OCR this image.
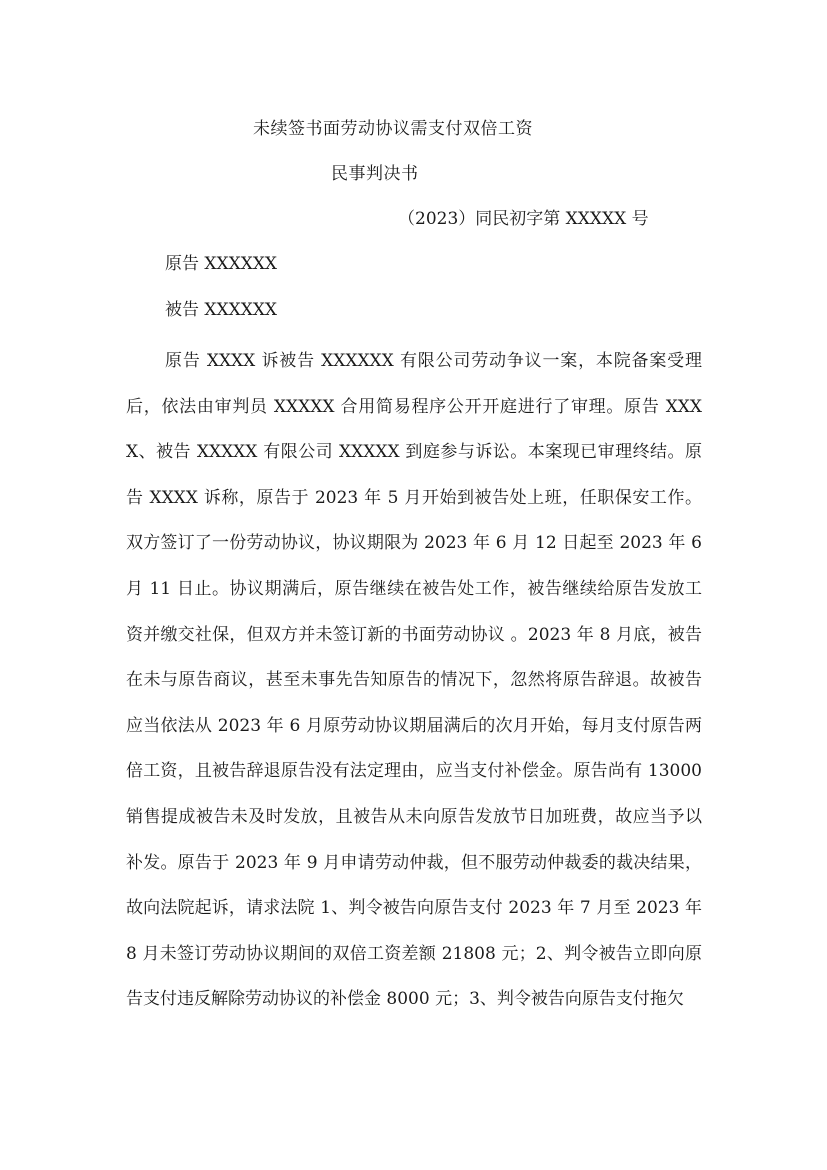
未续签书面劳动协议需支付双倍工资
民事判决书
（2023）同民初字第 XXXXX 号
原告 XXXXXX
被告 XXXXXX

原告 XXXX 诉被告 XXXXXX 有限公司劳动争议一案，本院备案受理后，依法由审判员 XXXXX 合用简易程序公开开庭进行了审理。原告 XXXX、被告 XXXXX 有限公司 XXXXX 到庭参与诉讼。本案现已审理终结。原告 XXXX 诉称，原告于 2023 年 5 月开始到被告处上班，任职保安工作。双方签订了一份劳动协议，协议期限为 2023 年 6 月 12 日起至 2023 年 6 月 11 日止。协议期满后，原告继续在被告处工作，被告继续给原告发放工资并缴交社保，但双方并未签订新的书面劳动协议 。2023 年 8 月底，被告在未与原告商议，甚至未事先告知原告的情况下，忽然将原告辞退。故被告应当依法从 2023 年 6 月原劳动协议期届满后的次月开始，每月支付原告两倍工资，且被告辞退原告没有法定理由，应当支付补偿金。原告尚有 13000 销售提成被告未及时发放，且被告从未向原告发放节日加班费，故应当予以补发。原告于 2023 年 9 月申请劳动仲裁，但不服劳动仲裁委的裁决结果，故向法院起诉，请求法院 1、判令被告向原告支付 2023 年 7 月至 2023 年 8 月未签订劳动协议期间的双倍工资差额 21808 元；2、判令被告立即向原告支付违反解除劳动协议的补偿金 8000 元；3、判令被告向原告支付拖欠
